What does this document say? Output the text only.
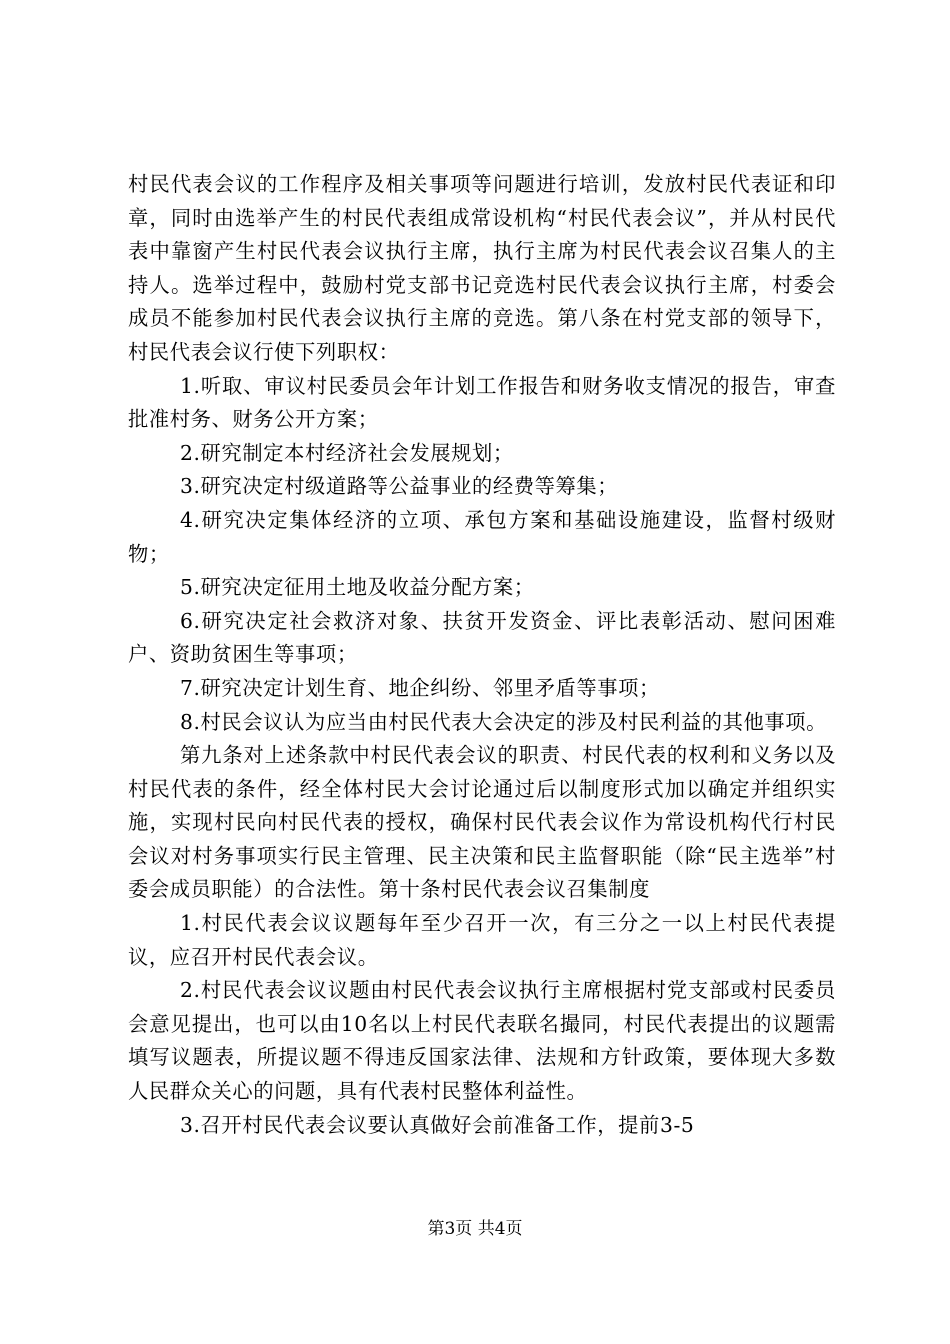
村民代表会议的工作程序及相关事项等问题进行培训，发放村民代表证和印章，同时由选举产生的村民代表组成常设机构“村民代表会议”，并从村民代表中靠窗产生村民代表会议执行主席，执行主席为村民代表会议召集人的主持人。选举过程中，鼓励村党支部书记竞选村民代表会议执行主席，村委会成员不能参加村民代表会议执行主席的竞选。第八条在村党支部的领导下，村民代表会议行使下列职权：

1.听取、审议村民委员会年计划工作报告和财务收支情况的报告，审查批准村务、财务公开方案；

2.研究制定本村经济社会发展规划；

3.研究决定村级道路等公益事业的经费等筹集；

4.研究决定集体经济的立项、承包方案和基础设施建设，监督村级财物；

5.研究决定征用土地及收益分配方案；

6.研究决定社会救济对象、扶贫开发资金、评比表彰活动、慰问困难户、资助贫困生等事项；

7.研究决定计划生育、地企纠纷、邻里矛盾等事项；

8.村民会议认为应当由村民代表大会决定的涉及村民利益的其他事项。

第九条对上述条款中村民代表会议的职责、村民代表的权利和义务以及村民代表的条件，经全体村民大会讨论通过后以制度形式加以确定并组织实施，实现村民向村民代表的授权，确保村民代表会议作为常设机构代行村民会议对村务事项实行民主管理、民主决策和民主监督职能（除“民主选举”村委会成员职能）的合法性。第十条村民代表会议召集制度

1.村民代表会议议题每年至少召开一次，有三分之一以上村民代表提议，应召开村民代表会议。

2.村民代表会议议题由村民代表会议执行主席根据村党支部或村民委员会意见提出，也可以由10名以上村民代表联名撮同，村民代表提出的议题需填写议题表，所提议题不得违反国家法律、法规和方针政策，要体现大多数人民群众关心的问题，具有代表村民整体利益性。

3.召开村民代表会议要认真做好会前准备工作，提前3-5

第3页 共4页
